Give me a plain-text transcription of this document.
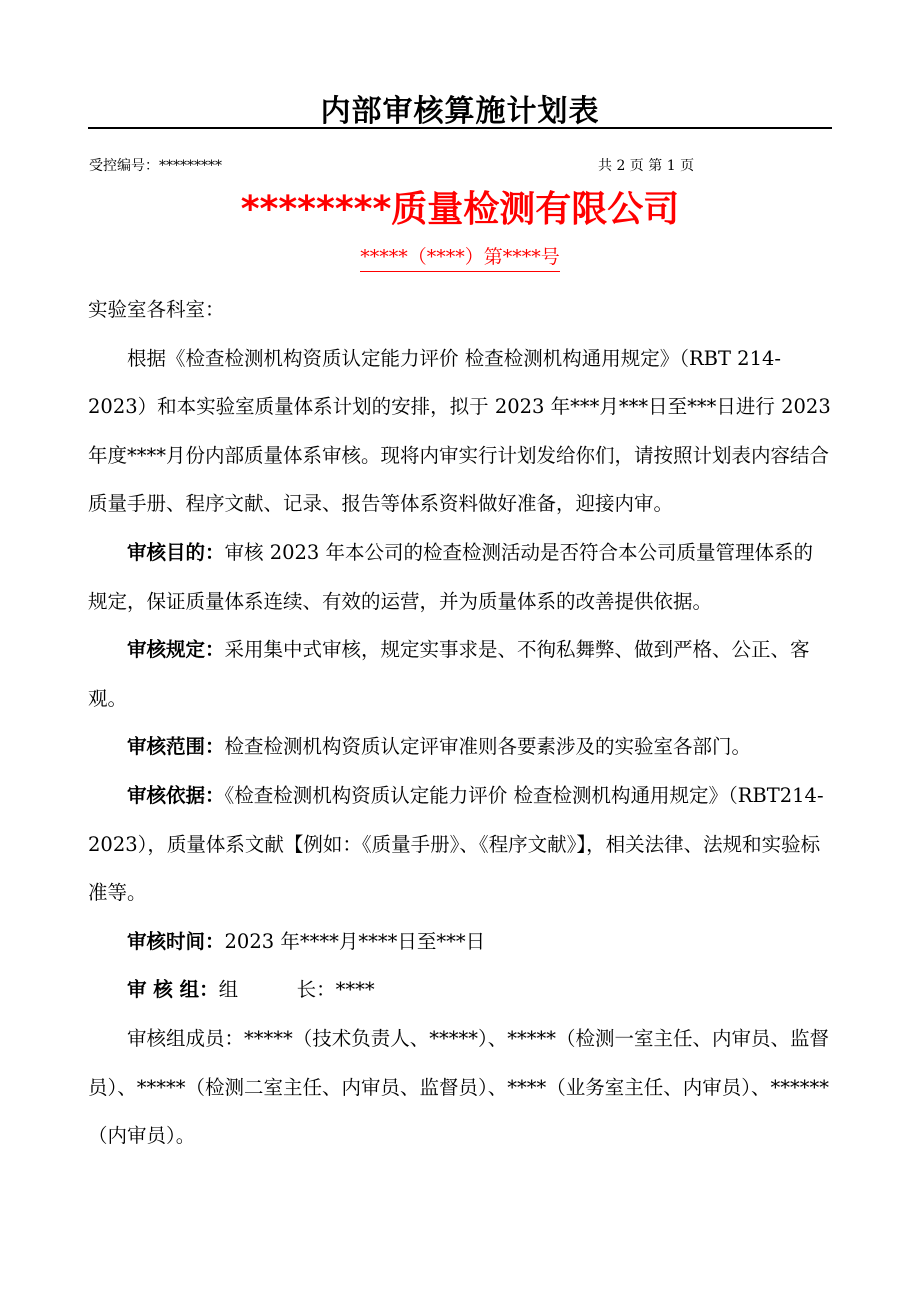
内部审核算施计划表
受控编号：*********	共 2 页 第 1 页
********质量检测有限公司
*****（****）第****号

实验室各科室：

根据《检查检测机构资质认定能力评价 检查检测机构通用规定》（RBT 214-2023）和本实验室质量体系计划的安排，拟于 2023 年***月***日至***日进行 2023 年度****月份内部质量体系审核。现将内审实行计划发给你们，请按照计划表内容结合质量手册、程序文献、记录、报告等体系资料做好准备，迎接内审。

审核目的：审核 2023 年本公司的检查检测活动是否符合本公司质量管理体系的规定，保证质量体系连续、有效的运营，并为质量体系的改善提供依据。

审核规定：采用集中式审核，规定实事求是、不徇私舞弊、做到严格、公正、客观。

审核范围：检查检测机构资质认定评审准则各要素涉及的实验室各部门。

审核依据：《检查检测机构资质认定能力评价 检查检测机构通用规定》（RBT214-2023），质量体系文献【例如：《质量手册》、《程序文献》】，相关法律、法规和实验标准等。

审核时间：2023 年****月****日至***日

审 核 组：组　　　长：****

审核组成员：*****（技术负责人、*****）、*****（检测一室主任、内审员、监督员）、*****（检测二室主任、内审员、监督员）、****（业务室主任、内审员）、******（内审员）。
